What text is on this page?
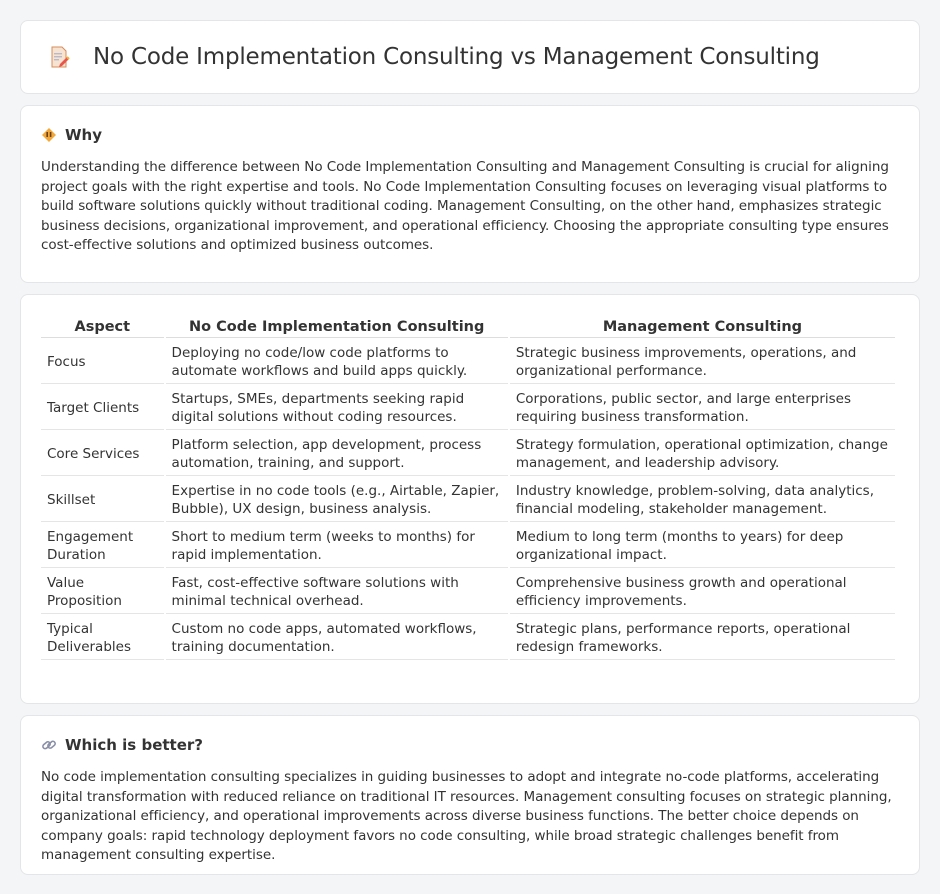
No Code Implementation Consulting vs Management Consulting
Why

Understanding the difference between No Code Implementation Consulting and Management Consulting is crucial for aligning project goals with the right expertise and tools. No Code Implementation Consulting focuses on leveraging visual platforms to build software solutions quickly without traditional coding. Management Consulting, on the other hand, emphasizes strategic business decisions, organizational improvement, and operational efficiency. Choosing the appropriate consulting type ensures cost-effective solutions and optimized business outcomes.

Aspect	No Code Implementation Consulting	Management Consulting
Focus	Deploying no code/low code platforms to automate workflows and build apps quickly.	Strategic business improvements, operations, and organizational performance.
Target Clients	Startups, SMEs, departments seeking rapid digital solutions without coding resources.	Corporations, public sector, and large enterprises requiring business transformation.
Core Services	Platform selection, app development, process automation, training, and support.	Strategy formulation, operational optimization, change management, and leadership advisory.
Skillset	Expertise in no code tools (e.g., Airtable, Zapier, Bubble), UX design, business analysis.	Industry knowledge, problem-solving, data analytics, financial modeling, stakeholder management.
Engagement Duration	Short to medium term (weeks to months) for rapid implementation.	Medium to long term (months to years) for deep organizational impact.
Value Proposition	Fast, cost-effective software solutions with minimal technical overhead.	Comprehensive business growth and operational efficiency improvements.
Typical Deliverables	Custom no code apps, automated workflows, training documentation.	Strategic plans, performance reports, operational redesign frameworks.
Which is better?

No code implementation consulting specializes in guiding businesses to adopt and integrate no-code platforms, accelerating digital transformation with reduced reliance on traditional IT resources. Management consulting focuses on strategic planning, organizational efficiency, and operational improvements across diverse business functions. The better choice depends on company goals: rapid technology deployment favors no code consulting, while broad strategic challenges benefit from management consulting expertise.
